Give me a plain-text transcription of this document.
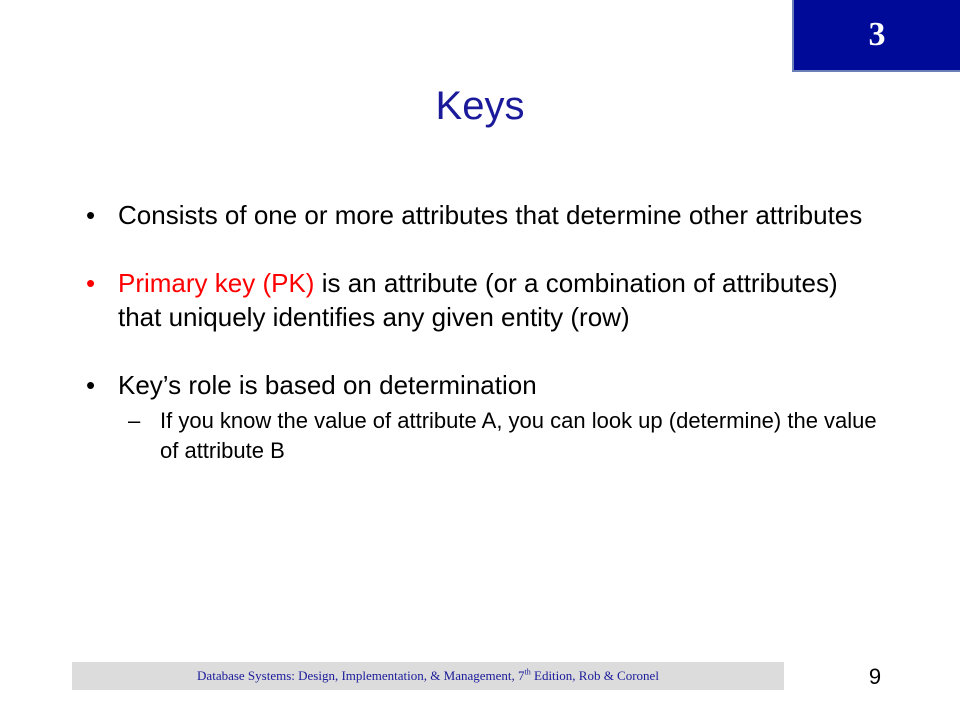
3
Keys
• Consists of one or more attributes that determine other attributes
• Primary key (PK) is an attribute (or a combination of attributes) that uniquely identifies any given entity (row)
• Key’s role is based on determination
– If you know the value of attribute A, you can look up (determine) the value of attribute B
Database Systems: Design, Implementation, & Management, 7th Edition, Rob & Coronel	9
